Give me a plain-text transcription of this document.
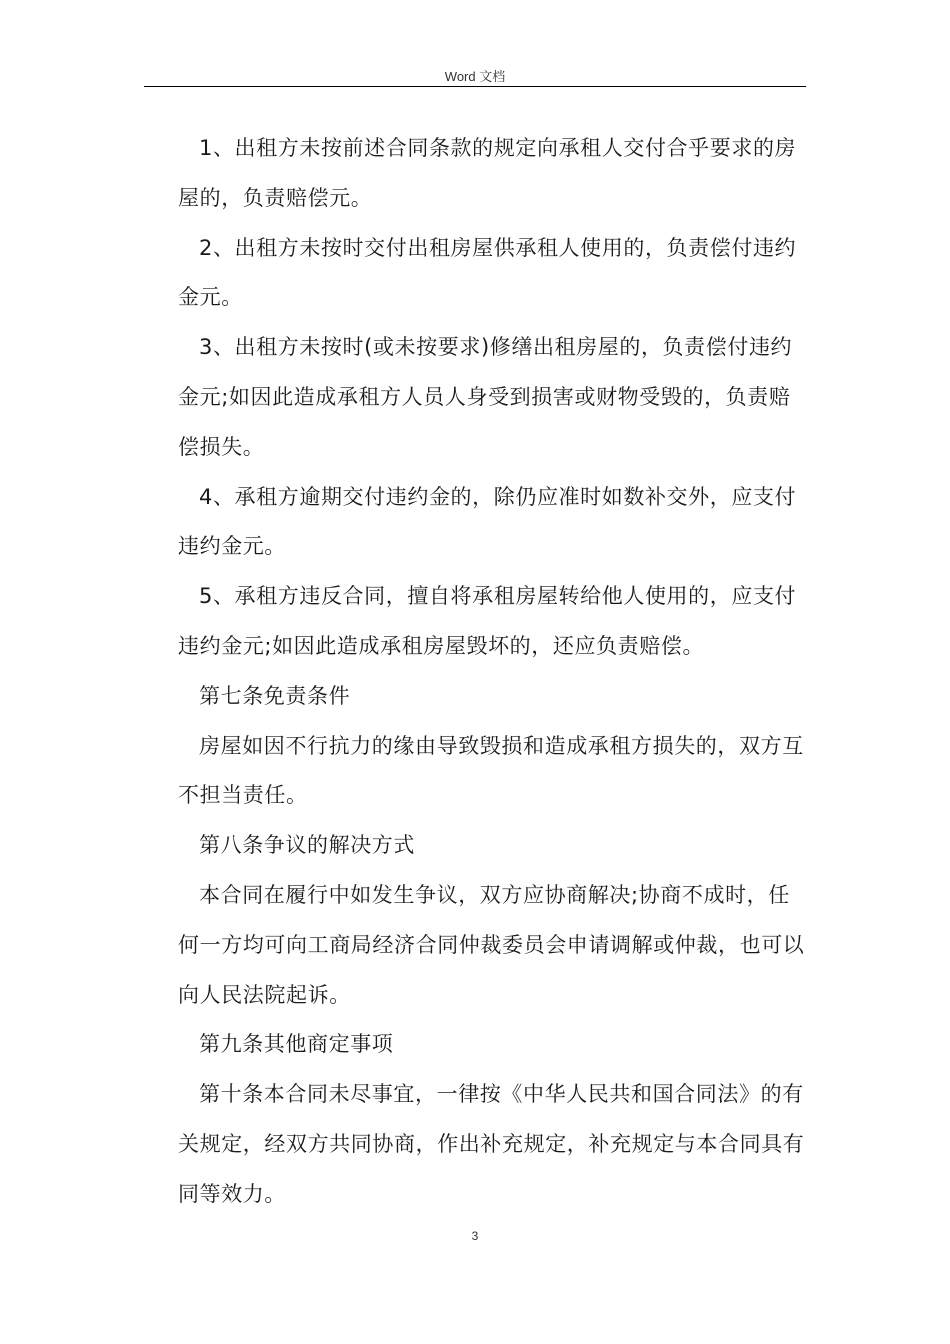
Word 文档

1、出租方未按前述合同条款的规定向承租人交付合乎要求的房屋的，负责赔偿元。

2、出租方未按时交付出租房屋供承租人使用的，负责偿付违约金元。

3、出租方未按时(或未按要求)修缮出租房屋的，负责偿付违约金元;如因此造成承租方人员人身受到损害或财物受毁的，负责赔偿损失。

4、承租方逾期交付违约金的，除仍应准时如数补交外，应支付违约金元。

5、承租方违反合同，擅自将承租房屋转给他人使用的，应支付违约金元;如因此造成承租房屋毁坏的，还应负责赔偿。

第七条免责条件

房屋如因不行抗力的缘由导致毁损和造成承租方损失的，双方互不担当责任。

第八条争议的解决方式

本合同在履行中如发生争议，双方应协商解决;协商不成时，任何一方均可向工商局经济合同仲裁委员会申请调解或仲裁，也可以向人民法院起诉。

第九条其他商定事项

第十条本合同未尽事宜，一律按《中华人民共和国合同法》的有关规定，经双方共同协商，作出补充规定，补充规定与本合同具有同等效力。

3
